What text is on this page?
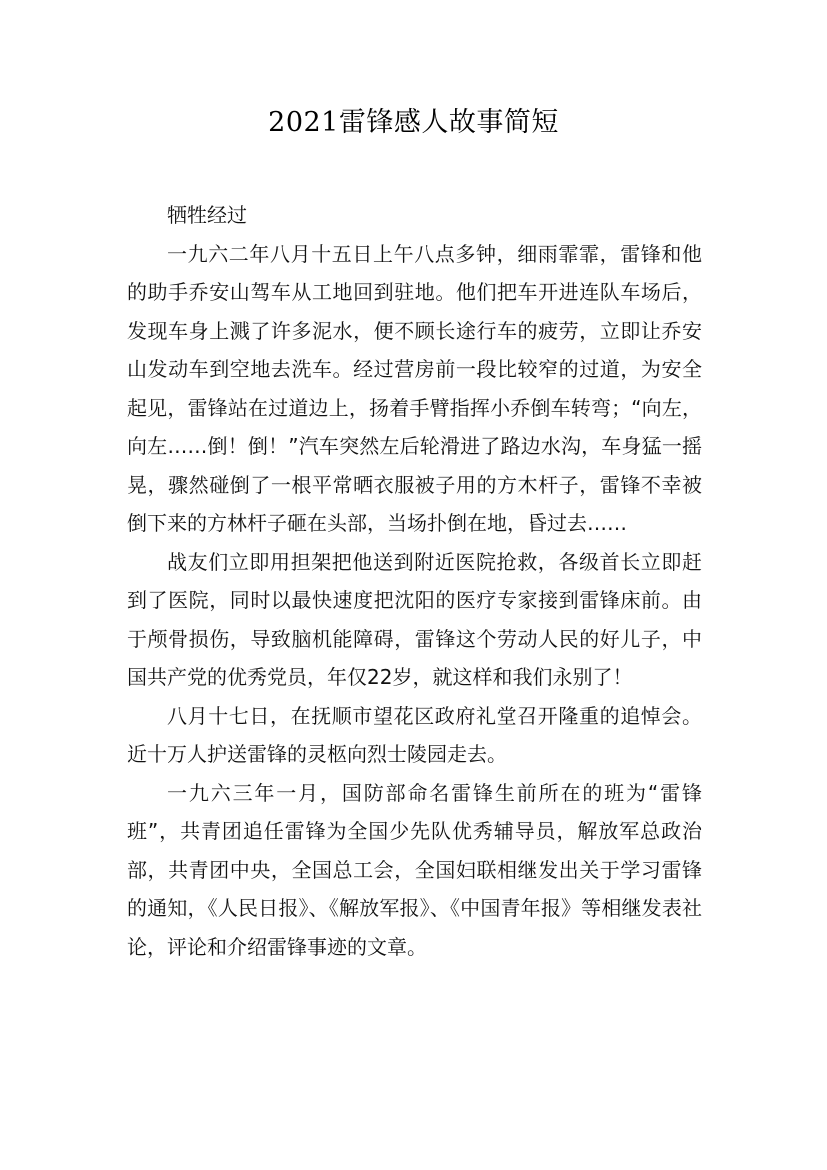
2021雷锋感人故事简短

牺牲经过

一九六二年八月十五日上午八点多钟，细雨霏霏，雷锋和他的助手乔安山驾车从工地回到驻地。他们把车开进连队车场后，发现车身上溅了许多泥水，便不顾长途行车的疲劳，立即让乔安山发动车到空地去洗车。经过营房前一段比较窄的过道，为安全起见，雷锋站在过道边上，扬着手臂指挥小乔倒车转弯；“向左，向左……倒！倒！”汽车突然左后轮滑进了路边水沟，车身猛一摇晃，骤然碰倒了一根平常晒衣服被子用的方木杆子，雷锋不幸被倒下来的方林杆子砸在头部，当场扑倒在地，昏过去……

战友们立即用担架把他送到附近医院抢救，各级首长立即赶到了医院，同时以最快速度把沈阳的医疗专家接到雷锋床前。由于颅骨损伤，导致脑机能障碍，雷锋这个劳动人民的好儿子，中国共产党的优秀党员，年仅22岁，就这样和我们永别了！

八月十七日，在抚顺市望花区政府礼堂召开隆重的追悼会。近十万人护送雷锋的灵柩向烈士陵园走去。

一九六三年一月，国防部命名雷锋生前所在的班为“雷锋班”，共青团追任雷锋为全国少先队优秀辅导员，解放军总政治部，共青团中央，全国总工会，全国妇联相继发出关于学习雷锋的通知，《人民日报》、《解放军报》、《中国青年报》等相继发表社论，评论和介绍雷锋事迹的文章。
